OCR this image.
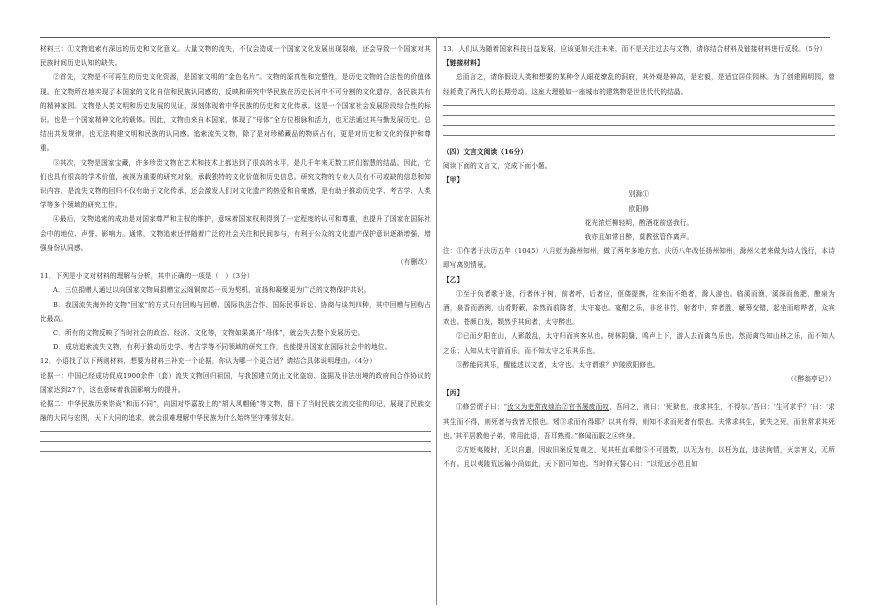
材料三：①文物追索有深远的历史和文化意义。大量文物的流失，不仅会造成一个国家文化发展出现裂痕，还会导致一个国家对其民族时间历史认知的缺失。

②首先，文物是不可再生的历史文化资源，是国家文明的“金色名片”。文物的原真性和完整性，是历史文物的合法性的价值体现。在文物所在地实现了本国家的文化自信和民族认同感的，反映和研究中华民族在历史长河中不可分割的文化遗存，各民族共有的精神家园。文物是人类文明和历史发展的见证，深刻体现着中华民族的历史和文化传承。这是一个国家社会发展阶段综合性的标识。也是一个国家精神文化的载体。因此，文物由来自本国家，体现了“母体”全方位根脉和活力，也无法通过其与勤发展历史。总结出共发规律，也无法构建文明和民族的认同感。追索流失文物，除了是对珍稀藏品的物质占有，更是对历史和文化的保护和尊重。

③其次，文物是国家宝藏，许多珍贵文物在艺术和技术上都达到了很高的水平，是几千年来无数工匠们智慧的结晶。因此，它们也具有很高的学术价值，被视为重要的研究对象，承载独特的文化价值和历史信息。研究文物的专业人员有不可或缺的信息和知识内容，是流失文物的回归不仅有助于文化传承，还会激发人们对文化遗产的热爱和自豪感，是有助于推动历史学、考古学、人类学等多个领域的研究工作。

④最后，文物追索的成功是对国家尊严和主权的维护，意味着国家权利得到了一定程度的认可和尊重，也提升了国家在国际社会中的地位、声誉、影响力。通常，文物追索还伴随着广泛的社会关注和民间参与，有利于公众的文化遗产保护意识逐渐增强，增强身份认同感。

（有删改）

11．下列是小文对材料的理解与分析，其中正确的一项是（　）（3分）

A．三位捐赠人通过以向国家文物局捐赠宝云阁铜窗芯一页为契机，宣扬和凝聚更为广泛的文物保护共识。

B．我国流失海外的文物“回家”的方式只有回购与回赠、国际执法合作、国际民事诉讼、协商与谈判四种，其中回赠与回购占比最高。

C．所有的文物反映了当时社会的政治、经济、文化等，文物如果离开“母体”，就会失去整个发展历史。

D．成功追索流失文物，有利于推动历史学、考古学等不同领域的研究工作，也能提升国家在国际社会中的地位。

12．小语找了以下两则材料，想要为材料三补充一个论据，你认为哪一个更合适？请结合具体说明理由。（4分）

论据一：中国已经成功促成1900余件（套）流失文物回归祖国，与我国建立防止文化盗窃、盗掘及非法出境的政府间合作协议的国家达到27个，这也意味着我国影响力的提升。

论据二：中华民族历来崇尚“和而不同”，向国对毕嘉放上的“胡人风帽俑”等文物，留下了当时民族交流交往的印记，展现了民族交融的大同与宏图，天下大同的追求，就会很难理解中华民族为什么始终坚守唯邻友好。

13．人们认为随着国家科技日益发展，应该更加关注未来，而不是关注过去与文物，请你结合材料及链接材料进行反驳。（5分）

【链接材料】

总而言之，请你假设人类和想要的某种令人眼花缭乱的洞府，其外观是神高，是宏毅，是适宜居住园林。为了创建圆明园，曾经耗费了两代人的长期劳动。这座大理般如一座城市的建筑物是世世代代的结晶。

（四）文言文阅读（16分）

阅读下面的文言文，完成下面小题。

【甲】

别滁①

欧阳修

花光浓烂柳轻明，酌酒花前送我行。

我亦且如常日醉，莫教弦管作离声。

注：①作者于庆历五年（1045）八月贬为滁州知州，做了两年多地方官。庆历八年改任扬州知州，滁州父老来做为诗人饯行，本诗即写离别情景。

【乙】

①至于负者歌于途，行者休于树，前者呼，后者应，伛偻提携，往来而不绝者，滁人游也。临溪而渔，溪深而鱼肥，酿泉为酒，泉香而酒洌，山肴野蔌，杂然而前陈者，太守宴也。宴酣之乐，非丝非竹，射者中，弈者胜，觥筹交错，起坐而喧哗者，众宾欢也。苍颜白发，颓然乎其间者，太守醉也。

②已而夕阳在山，人影散乱，太守归而宾客从也。树林阴翳，鸣声上下，游人去而禽鸟乐也。然而禽鸟知山林之乐，而不知人之乐；人知从太守游而乐，而不知太守之乐其乐也。

③醉能同其乐，醒能述以文者，太守也。太守谓谁？庐陵欧阳修也。

（《醉翁亭记》）

【丙】

①修尝谓子曰：“汝父为吏常夜烛治②官书屡废而叹，吾问之，则曰：‘死狱也，我求其生，不得尔。’吾曰：‘生可求乎？’曰：‘求其生而不得，则死者与我皆无恨也。矧③求而有得耶？以其有得，则知不求而死者有恨也。夫常求其生，犹失之死，而世常求其死也。’其平居教他子弟，常用此语，吾耳熟焉。”修闻而服之④终身。

②方贬夷陵时，无以自遣，因取旧案反复观之，见其枉直乖错⑤不可胜数，以无为有，以枉为直，违法徇情，灭亲害义，无所不有。且以夷陵荒远褊小尚如此，天下固可知也。当时仰天誓心曰：“以荒远小邑且如
